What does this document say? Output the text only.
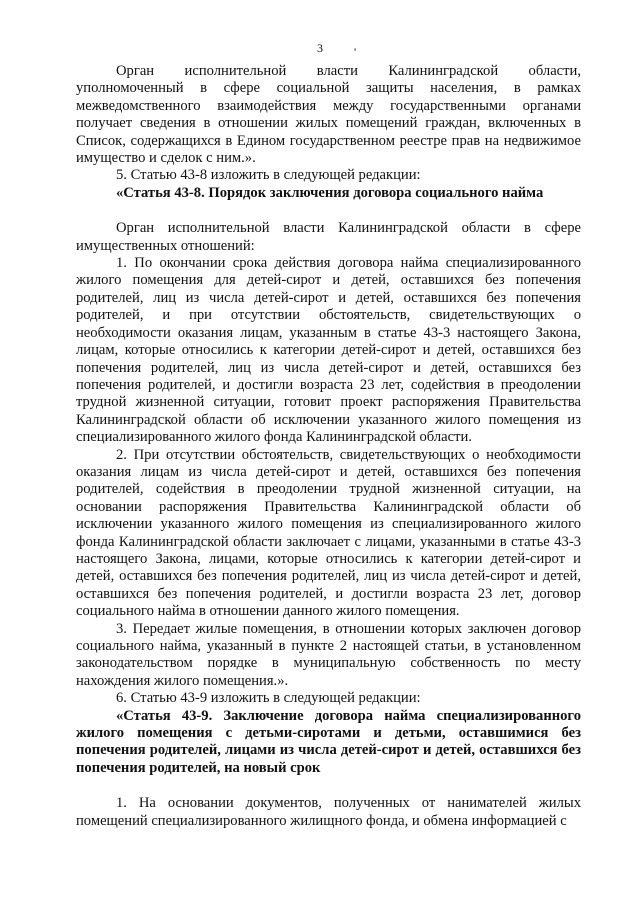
3	'

Орган исполнительной власти Калининградской области, уполномоченный в сфере социальной защиты населения, в рамках межведомственного взаимодействия между государственными органами получает сведения в отношении жилых помещений граждан, включенных в Список, содержащихся в Едином государственном реестре прав на недвижимое имущество и сделок с ним.».

5. Статью 43-8 изложить в следующей редакции:

«Статья 43-8. Порядок заключения договора социального найма

Орган исполнительной власти Калининградской области в сфере имущественных отношений:

1. По окончании срока действия договора найма специализированного жилого помещения для детей-сирот и детей, оставшихся без попечения родителей, лиц из числа детей-сирот и детей, оставшихся без попечения родителей, и при отсутствии обстоятельств, свидетельствующих о необходимости оказания лицам, указанным в статье 43-3 настоящего Закона, лицам, которые относились к категории детей-сирот и детей, оставшихся без попечения родителей, лиц из числа детей-сирот и детей, оставшихся без попечения родителей, и достигли возраста 23 лет, содействия в преодолении трудной жизненной ситуации, готовит проект распоряжения Правительства Калининградской области об исключении указанного жилого помещения из специализированного жилого фонда Калининградской области.

2. При отсутствии обстоятельств, свидетельствующих о необходимости оказания лицам из числа детей-сирот и детей, оставшихся без попечения родителей, содействия в преодолении трудной жизненной ситуации, на основании распоряжения Правительства Калининградской области об исключении указанного жилого помещения из специализированного жилого фонда Калининградской области заключает с лицами, указанными в статье 43-3 настоящего Закона, лицами, которые относились к категории детей-сирот и детей, оставшихся без попечения родителей, лиц из числа детей-сирот и детей, оставшихся без попечения родителей, и достигли возраста 23 лет, договор социального найма в отношении данного жилого помещения.

3. Передает жилые помещения, в отношении которых заключен договор социального найма, указанный в пункте 2 настоящей статьи, в установленном законодательством порядке в муниципальную собственность по месту нахождения жилого помещения.».

6. Статью 43-9 изложить в следующей редакции:

«Статья 43-9. Заключение договора найма специализированного жилого помещения с детьми-сиротами и детьми, оставшимися без попечения родителей, лицами из числа детей-сирот и детей, оставшихся без попечения родителей, на новый срок

1. На основании документов, полученных от нанимателей жилых помещений специализированного жилищного фонда, и обмена информацией с
